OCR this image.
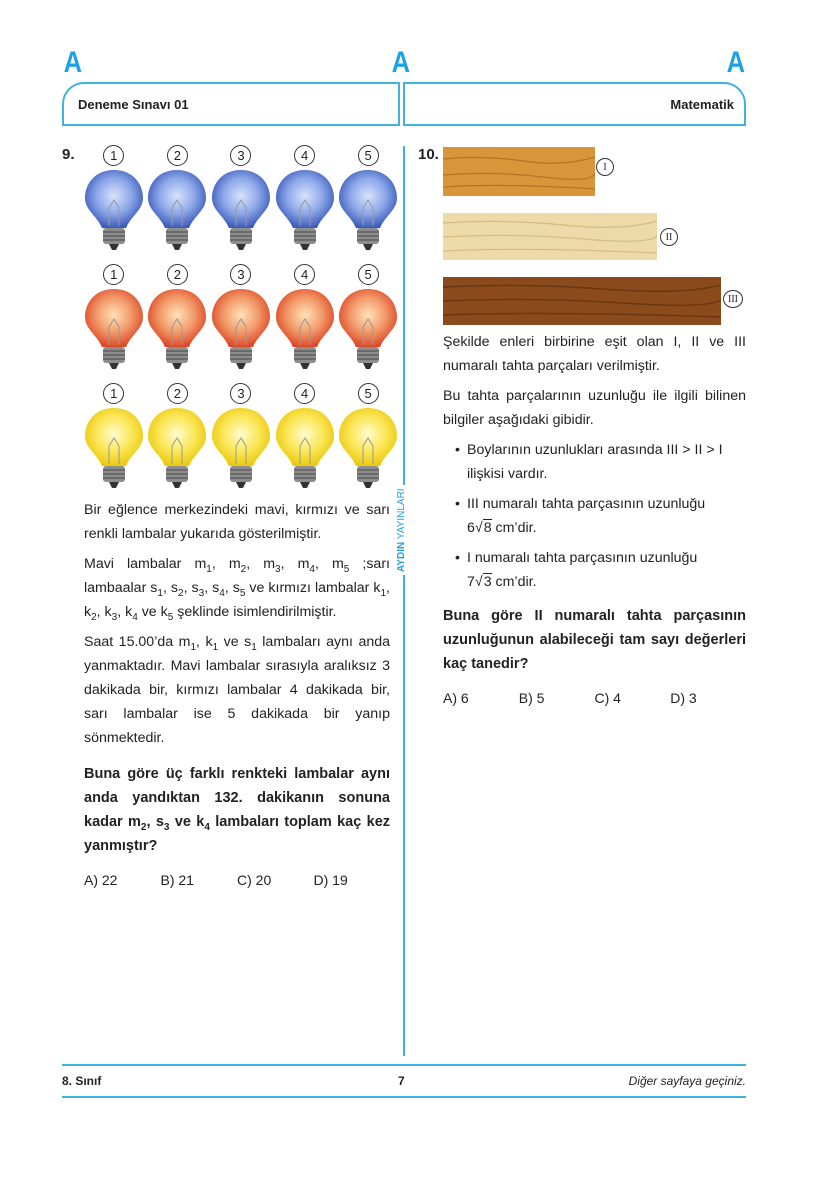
A	A	A
Deneme Sınavı 01	Matematik
AYDIN YAYINLARI
9.	1	2	3	4	5
1	2	3	4	5
1	2	3	4	5

Bir eğlence merkezindeki mavi, kırmızı ve sarı renkli lambalar yukarıda gösterilmiştir.

Mavi lambalar $m_1$, $m_2$, $m_3$, $m_4$, $m_5$ ;sarı lambaalar $s_1$, $s_2$, $s_3$, $s_4$, $s_5$ ve kırmızı lambalar $k_1$, $k_2$, $k_3$, $k_4$ ve $k_5$ şeklinde isimlendirilmiştir.

Saat 15.00’da $m_1$, $k_1$ ve $s_1$ lambaları aynı anda yanmaktadır. Mavi lambalar sırasıyla aralıksız 3 dakikada bir, kırmızı lambalar 4 dakikada bir, sarı lambalar ise 5 dakikada bir yanıp sönmektedir.

Buna göre üç farklı renkteki lambalar aynı anda yandıktan 132. dakikanın sonuna kadar $m_2$, $s_3$ ve $k_4$ lambaları toplam kaç kez yanmıştır?

A) 22	B) 21	C) 20	D) 19
10.
I
II
III

Şekilde enleri birbirine eşit olan I, II ve III numaralı tahta parçaları verilmiştir.

Bu tahta parçalarının uzunluğu ile ilgili bilinen bilgiler aşağıdaki gibidir.

• Boylarının uzunlukları arasında III > II > I ilişkisi vardır.
• III numaralı tahta parçasının uzunluğu
6√8 cm’dir.
• I numaralı tahta parçasının uzunluğu
7√3 cm’dir.

Buna göre II numaralı tahta parçasının uzunluğunun alabileceği tam sayı değerleri kaç tanedir?

A) 6	B) 5	C) 4	D) 3
8. Sınıf	7	Diğer sayfaya geçiniz.
